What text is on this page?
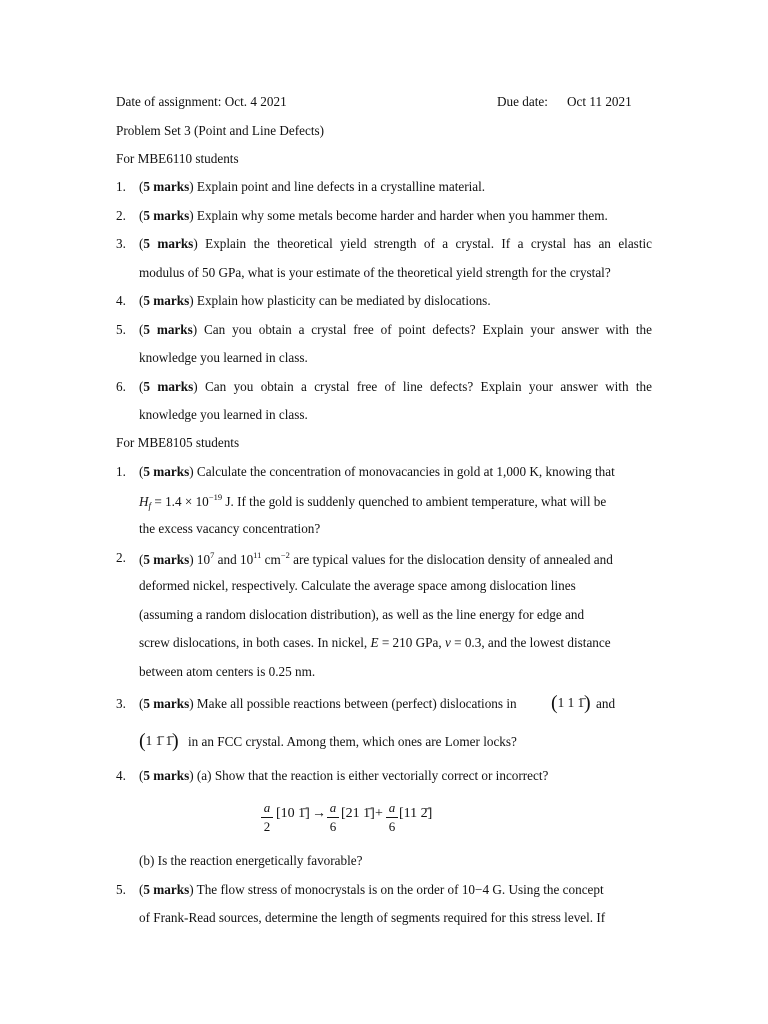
Date of assignment: Oct. 4 2021	Due date: Oct 11 2021
Problem Set 3 (Point and Line Defects)
For MBE6110 students
1. (5 marks) Explain point and line defects in a crystalline material.
2. (5 marks) Explain why some metals become harder and harder when you hammer them.
3. (5 marks) Explain the theoretical yield strength of a crystal. If a crystal has an elastic
modulus of 50 GPa, what is your estimate of the theoretical yield strength for the crystal?
4. (5 marks) Explain how plasticity can be mediated by dislocations.
5. (5 marks) Can you obtain a crystal free of point defects? Explain your answer with the
knowledge you learned in class.
6. (5 marks) Can you obtain a crystal free of line defects? Explain your answer with the
knowledge you learned in class.
For MBE8105 students
1. (5 marks) Calculate the concentration of monovacancies in gold at 1,000 K, knowing that
$H_f = 1.4 \times 10^{-19}$ J. If the gold is suddenly quenched to ambient temperature, what will be
the excess vacancy concentration?
2. (5 marks) $10^7$ and $10^{11}$ $cm^{-2}$ are typical values for the dislocation density of annealed and
deformed nickel, respectively. Calculate the average space among dislocation lines
(assuming a random dislocation distribution), as well as the line energy for edge and
screw dislocations, in both cases. In nickel, E = 210 GPa, v = 0.3, and the lowest distance
between atom centers is 0.25 nm.
3. (5 marks) Make all possible reactions between (perfect) dislocations in (1 1 1̄) and
(1 1̄ 1̄) in an FCC crystal. Among them, which ones are Lomer locks?
4. (5 marks) (a) Show that the reaction is either vectorially correct or incorrect?
a
2
[10 1̄] → a
6
[21 1̄] + a
6
[11 2̄]
(b) Is the reaction energetically favorable?
5. (5 marks) The flow stress of monocrystals is on the order of 10−4 G. Using the concept
of Frank-Read sources, determine the length of segments required for this stress level. If
